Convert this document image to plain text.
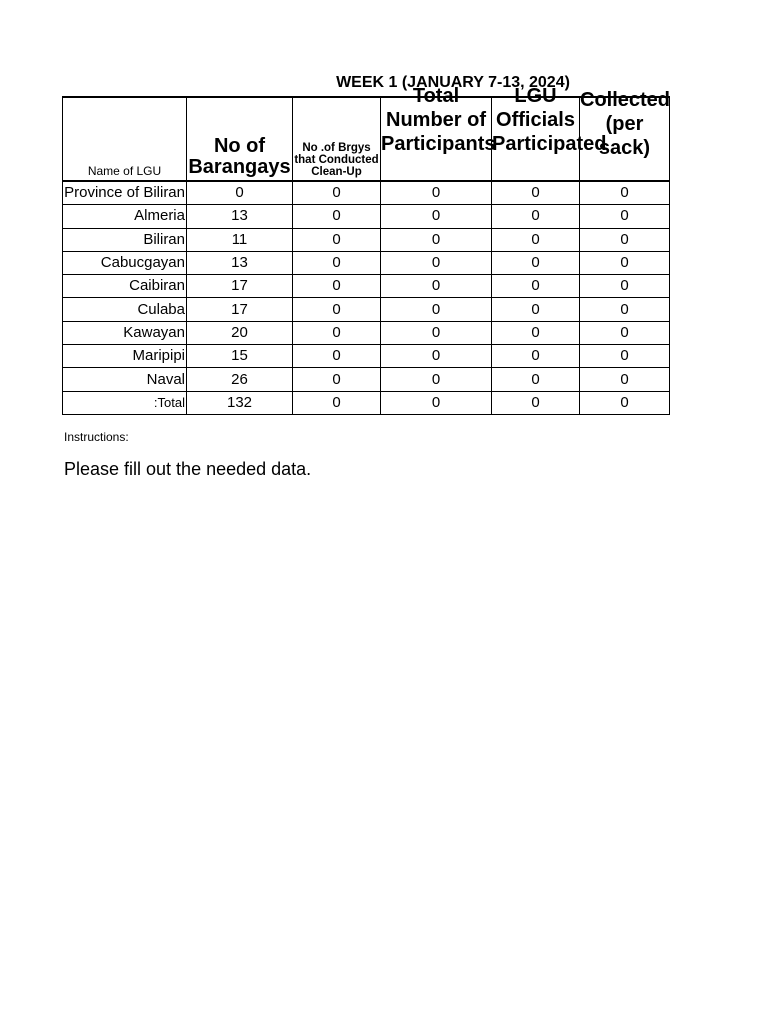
WEEK 1 (JANUARY 7-13, 2024)
Name of LGU	No of Barangays	No .of Brgys that Conducted Clean-Up	Total Number of Participants	LGU Officials Participated	Collected (per sack)

Province of Biliran	0	0	0	0	0
Almeria	13	0	0	0	0
Biliran	11	0	0	0	0
Cabucgayan	13	0	0	0	0
Caibiran	17	0	0	0	0
Culaba	17	0	0	0	0
Kawayan	20	0	0	0	0
Maripipi	15	0	0	0	0
Naval	26	0	0	0	0
Total:	132	0	0	0	0
Instructions:
Please fill out the needed data.
